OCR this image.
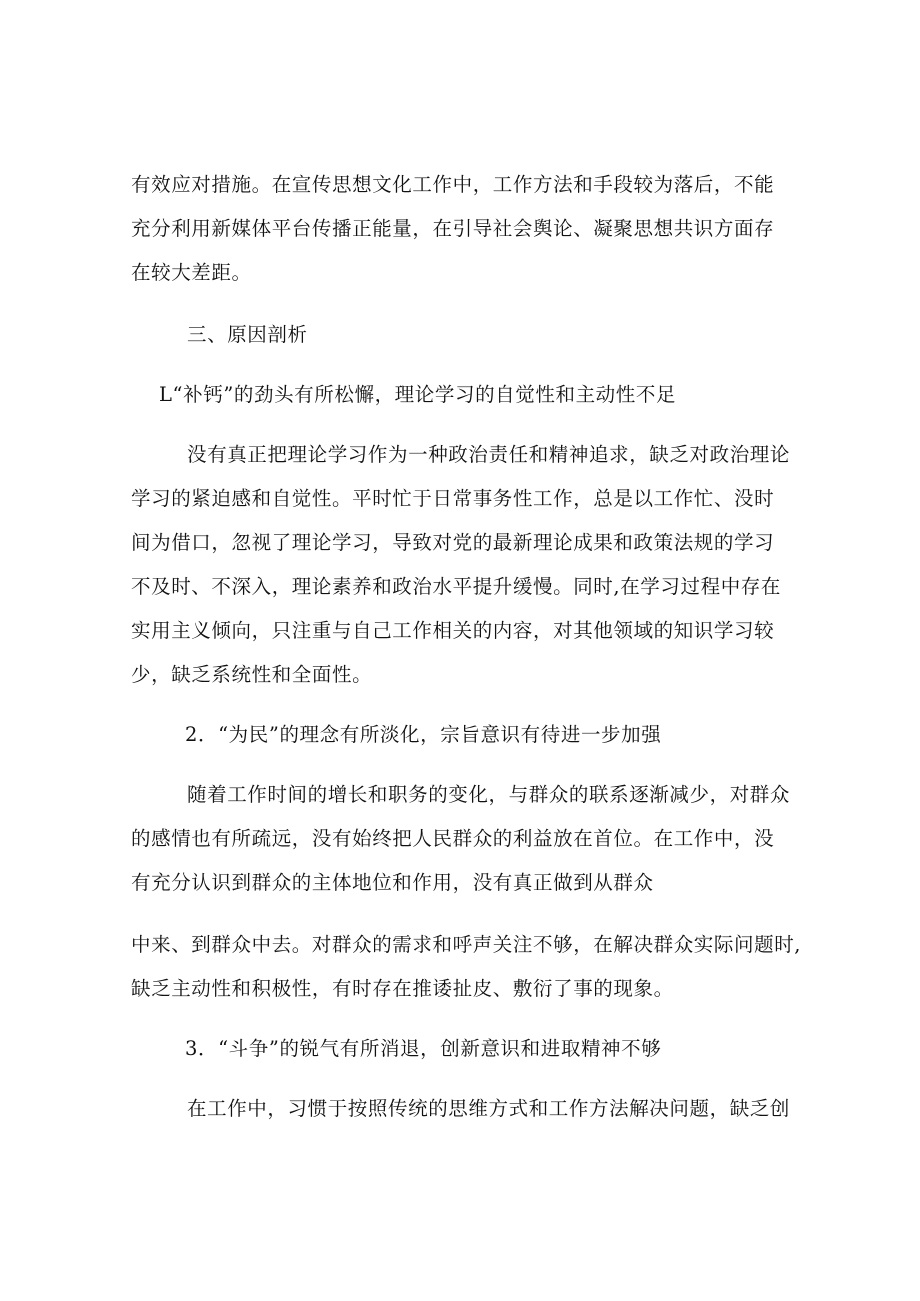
有效应对措施。在宣传思想文化工作中，工作方法和手段较为落后，不能
充分利用新媒体平台传播正能量，在引导社会舆论、凝聚思想共识方面存
在较大差距。
三、原因剖析
L“补钙”的劲头有所松懈，理论学习的自觉性和主动性不足
没有真正把理论学习作为一种政治责任和精神追求，缺乏对政治理论
学习的紧迫感和自觉性。平时忙于日常事务性工作，总是以工作忙、没时
间为借口，忽视了理论学习，导致对党的最新理论成果和政策法规的学习
不及时、不深入，理论素养和政治水平提升缓慢。同时,在学习过程中存在
实用主义倾向，只注重与自己工作相关的内容，对其他领域的知识学习较
少，缺乏系统性和全面性。
2．“为民”的理念有所淡化，宗旨意识有待进一步加强
随着工作时间的增长和职务的变化，与群众的联系逐渐减少，对群众
的感情也有所疏远，没有始终把人民群众的利益放在首位。在工作中，没
有充分认识到群众的主体地位和作用，没有真正做到从群众
中来、到群众中去。对群众的需求和呼声关注不够，在解决群众实际问题时,
缺乏主动性和积极性，有时存在推诿扯皮、敷衍了事的现象。
3．“斗争”的锐气有所消退，创新意识和进取精神不够
在工作中，习惯于按照传统的思维方式和工作方法解决问题，缺乏创
